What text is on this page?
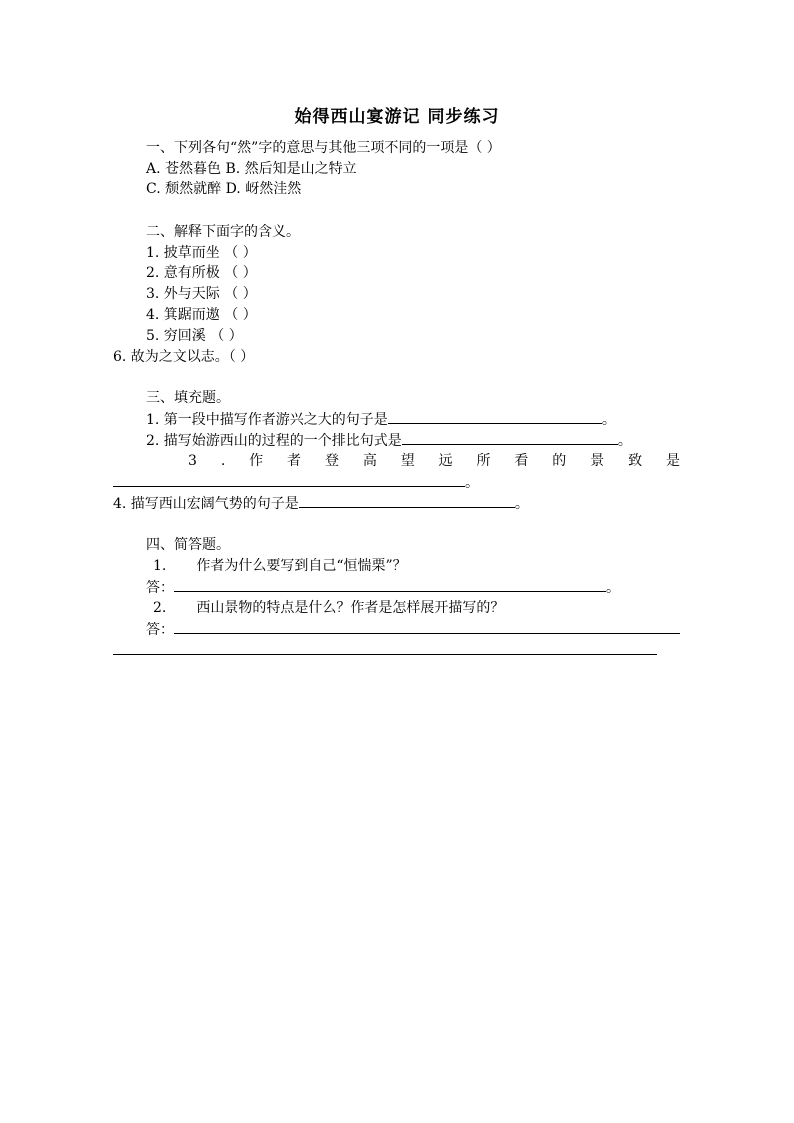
始得西山宴游记 同步练习
一、下列各句“然”字的意思与其他三项不同的一项是（ ）
A. 苍然暮色 B. 然后知是山之特立
C. 颓然就醉 D. 岈然洼然
二、解释下面字的含义。
1. 披草而坐 （ ）
2. 意有所极 （ ）
3. 外与天际 （ ）
4. 箕踞而遨 （ ）
5. 穷回溪 （ ）
6. 故为之文以志。（ ）
三、填充题。
1. 第一段中描写作者游兴之大的句子是	。
2. 描写始游西山的过程的一个排比句式是	。
3 . 作 者 登 高 望 远 所 看 的 景 致 是
。
4. 描写西山宏阔气势的句子是	。
四、简答题。
1. 作者为什么要写到自己“恒惴栗”？
答：	。
2. 西山景物的特点是什么？作者是怎样展开描写的？
答：
